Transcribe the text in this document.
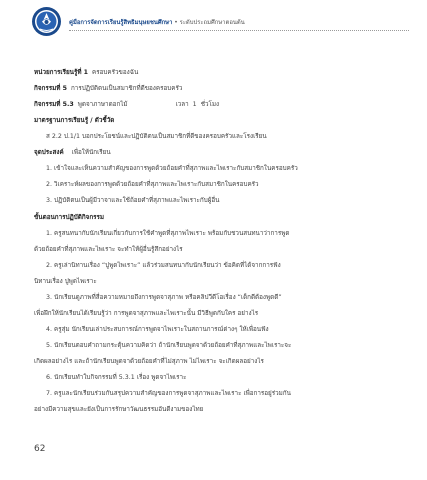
คู่มือการจัดการเรียนรู้สิทธิมนุษยชนศึกษา • ระดับประถมศึกษาตอนต้น
หน่วยการเรียนรู้ที่ 1 ครอบครัวของฉัน
กิจกรรมที่ 5 การปฏิบัติตนเป็นสมาชิกที่ดีของครอบครัว
กิจกรรมที่ 5.3 พูดจาภาษาดอกไม้	เวลา 1 ชั่วโมง
มาตรฐานการเรียนรู้ / ตัวชี้วัด
ส 2.2 ป.1/1 บอกประโยชน์และปฏิบัติตนเป็นสมาชิกที่ดีของครอบครัวและโรงเรียน
จุดประสงค์ เพื่อให้นักเรียน
1. เข้าใจและเห็นความสำคัญของการพูดด้วยถ้อยคำที่สุภาพและไพเราะกับสมาชิกในครอบครัว
2. วิเคราะห์ผลของการพูดด้วยถ้อยคำที่สุภาพและไพเราะกับสมาชิกในครอบครัว
3. ปฏิบัติตนเป็นผู้มีวาจาและใช้ถ้อยคำที่สุภาพและไพเราะกับผู้อื่น
ขั้นตอนการปฏิบัติกิจกรรม
1. ครูสนทนากับนักเรียนเกี่ยวกับการใช้คำพูดที่สุภาพไพเราะ พร้อมกับชวนสนทนาว่าการพูด
ด้วยถ้อยคำที่สุภาพและไพเราะ จะทำให้ผู้อื่นรู้สึกอย่างไร
2. ครูเล่านิทานเรื่อง “ปูพูดไพเราะ” แล้วร่วมสนทนากับนักเรียนว่า ข้อคิดที่ได้จากการฟัง
นิทานเรื่อง ปูพูดไพเราะ
3. นักเรียนดูภาพที่สื่อความหมายถึงการพูดจาสุภาพ หรือคลิปวีดีโอเรื่อง “เด็กดีต้องพูดดี”
เพื่อฝึกให้นักเรียนได้เรียนรู้ว่า การพูดจาสุภาพและไพเราะนั้น มีวิธีพูดกับใคร อย่างไร
4. ครูสุ่ม นักเรียนเล่าประสบการณ์การพูดจาไพเราะในสถานการณ์ต่างๆ ให้เพื่อนฟัง
5. นักเรียนตอบคำถามกระตุ้นความคิดว่า ถ้านักเรียนพูดจาด้วยถ้อยคำที่สุภาพและไพเราะจะ
เกิดผลอย่างไร และถ้านักเรียนพูดจาด้วยถ้อยคำที่ไม่สุภาพ ไม่ไพเราะ จะเกิดผลอย่างไร
6. นักเรียนทำใบกิจกรรมที่ 5.3.1 เรื่อง พูดจาไพเราะ
7. ครูและนักเรียนร่วมกันสรุปความสำคัญของการพูดจาสุภาพและไพเราะ เพื่อการอยู่ร่วมกัน
อย่างมีความสุขและยังเป็นการรักษาวัฒนธรรมอันดีงามของไทย
62
